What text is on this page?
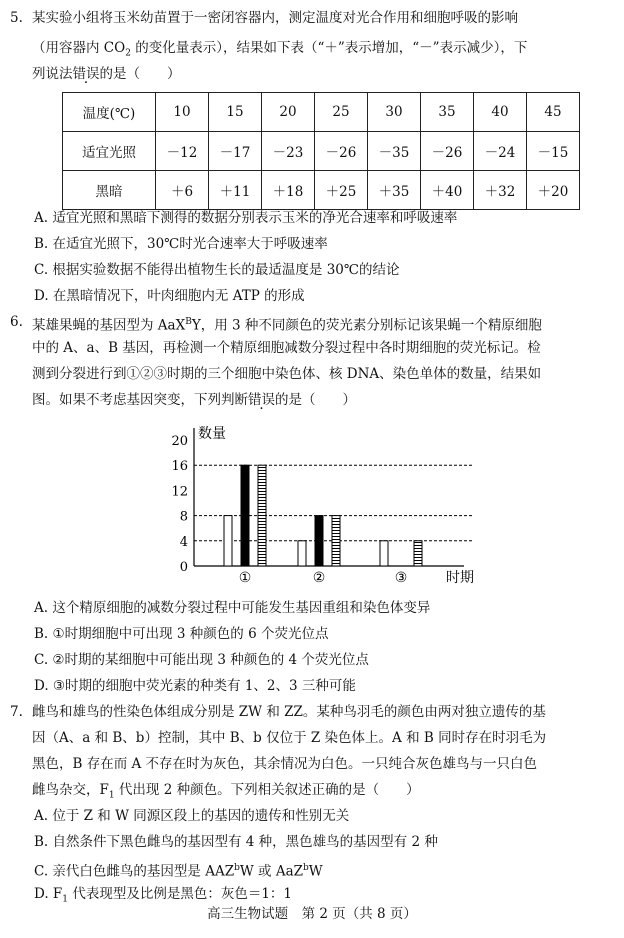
5. 某实验小组将玉米幼苗置于一密闭容器内，测定温度对光合作用和细胞呼吸的影响
（用容器内 $CO_2$ 的变化量表示），结果如下表（“＋”表示增加，“－”表示减少），下
列说法错误的是（　　）
温度(℃)	10	15	20	25	30	35	40	45
适宜光照	－12	－17	－23	－26	－35	－26	－24	－15
黑暗	＋6	＋11	＋18	＋25	＋35	＋40	＋32	＋20
A. 适宜光照和黑暗下测得的数据分别表示玉米的净光合速率和呼吸速率
B. 在适宜光照下，30℃时光合速率大于呼吸速率
C. 根据实验数据不能得出植物生长的最适温度是 30℃的结论
D. 在黑暗情况下，叶肉细胞内无 ATP 的形成
6. 某雄果蝇的基因型为 AaX$^B$Y，用 3 种不同颜色的荧光素分别标记该果蝇一个精原细胞
中的 A、a、B 基因，再检测一个精原细胞减数分裂过程中各时期细胞的荧光标记。检
测到分裂进行到①②③时期的三个细胞中染色体、核 DNA、染色单体的数量，结果如
图。如果不考虑基因突变，下列判断错误的是（　　）
0
4
8
12
16
20 数量
①	②	③	时期
A. 这个精原细胞的减数分裂过程中可能发生基因重组和染色体变异
B. ①时期细胞中可出现 3 种颜色的 6 个荧光位点
C. ②时期的某细胞中可能出现 3 种颜色的 4 个荧光位点
D. ③时期的细胞中荧光素的种类有 1、2、3 三种可能
7. 雌鸟和雄鸟的性染色体组成分别是 ZW 和 ZZ。某种鸟羽毛的颜色由两对独立遗传的基
因（A、a 和 B、b）控制，其中 B、b 仅位于 Z 染色体上。A 和 B 同时存在时羽毛为
黑色，B 存在而 A 不存在时为灰色，其余情况为白色。一只纯合灰色雄鸟与一只白色
雌鸟杂交，$F_1$ 代出现 2 种颜色。下列相关叙述正确的是（　　）
A. 位于 Z 和 W 同源区段上的基因的遗传和性别无关
B. 自然条件下黑色雌鸟的基因型有 4 种，黑色雄鸟的基因型有 2 种
C. 亲代白色雌鸟的基因型是 AAZ$^b$W 或 AaZ$^b$W
D. $F_1$ 代表现型及比例是黑色：灰色＝1：1
高三生物试题　第 2 页（共 8 页）
